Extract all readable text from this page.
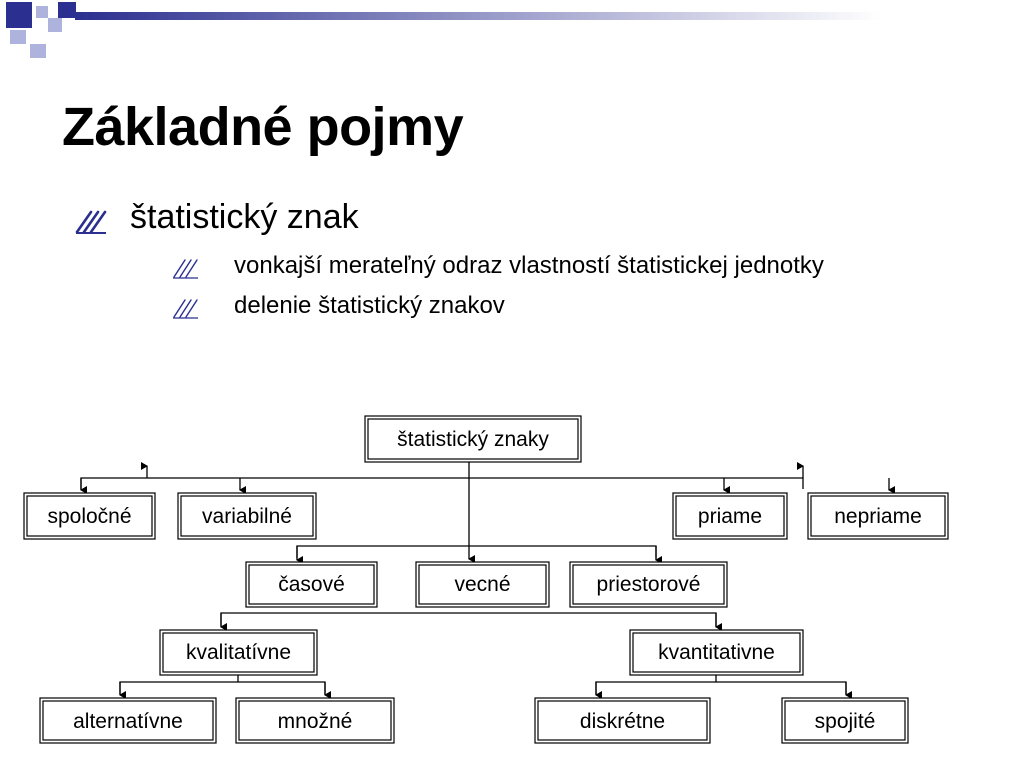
Základné pojmy
štatistický znak
vonkajší merateľný odraz vlastností štatistickej jednotky
delenie štatistický znakov
štatistický znaky
spoločné	variabilné	priame	nepriame
časové	vecné	priestorové
kvalitatívne	kvantitativne
alternatívne	množné	diskrétne	spojité
